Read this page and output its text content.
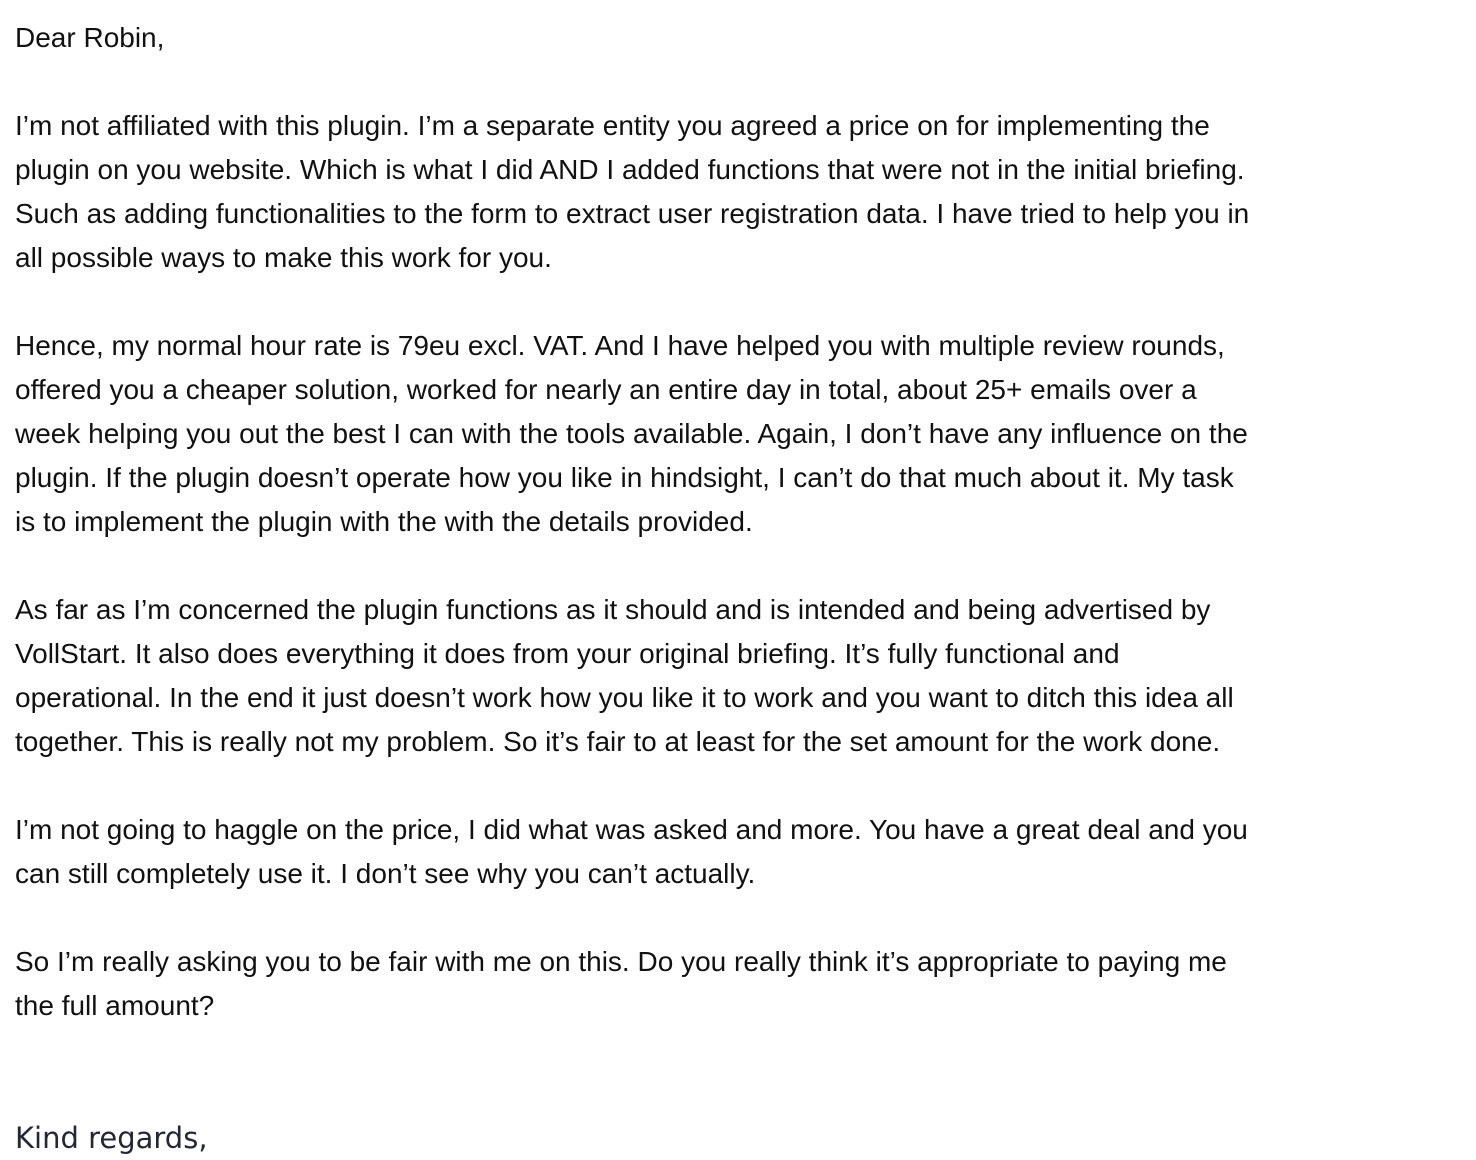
Dear Robin,
I’m not affiliated with this plugin. I’m a separate entity you agreed a price on for implementing the
plugin on you website. Which is what I did AND I added functions that were not in the initial briefing.
Such as adding functionalities to the form to extract user registration data. I have tried to help you in
all possible ways to make this work for you.
Hence, my normal hour rate is 79eu excl. VAT. And I have helped you with multiple review rounds,
offered you a cheaper solution, worked for nearly an entire day in total, about 25+ emails over a
week helping you out the best I can with the tools available. Again, I don’t have any influence on the
plugin. If the plugin doesn’t operate how you like in hindsight, I can’t do that much about it. My task
is to implement the plugin with the with the details provided.
As far as I’m concerned the plugin functions as it should and is intended and being advertised by
VollStart. It also does everything it does from your original briefing. It’s fully functional and
operational. In the end it just doesn’t work how you like it to work and you want to ditch this idea all
together. This is really not my problem. So it’s fair to at least for the set amount for the work done.
I’m not going to haggle on the price, I did what was asked and more. You have a great deal and you
can still completely use it. I don’t see why you can’t actually.
So I’m really asking you to be fair with me on this. Do you really think it’s appropriate to paying me
the full amount?
Kind regards,
